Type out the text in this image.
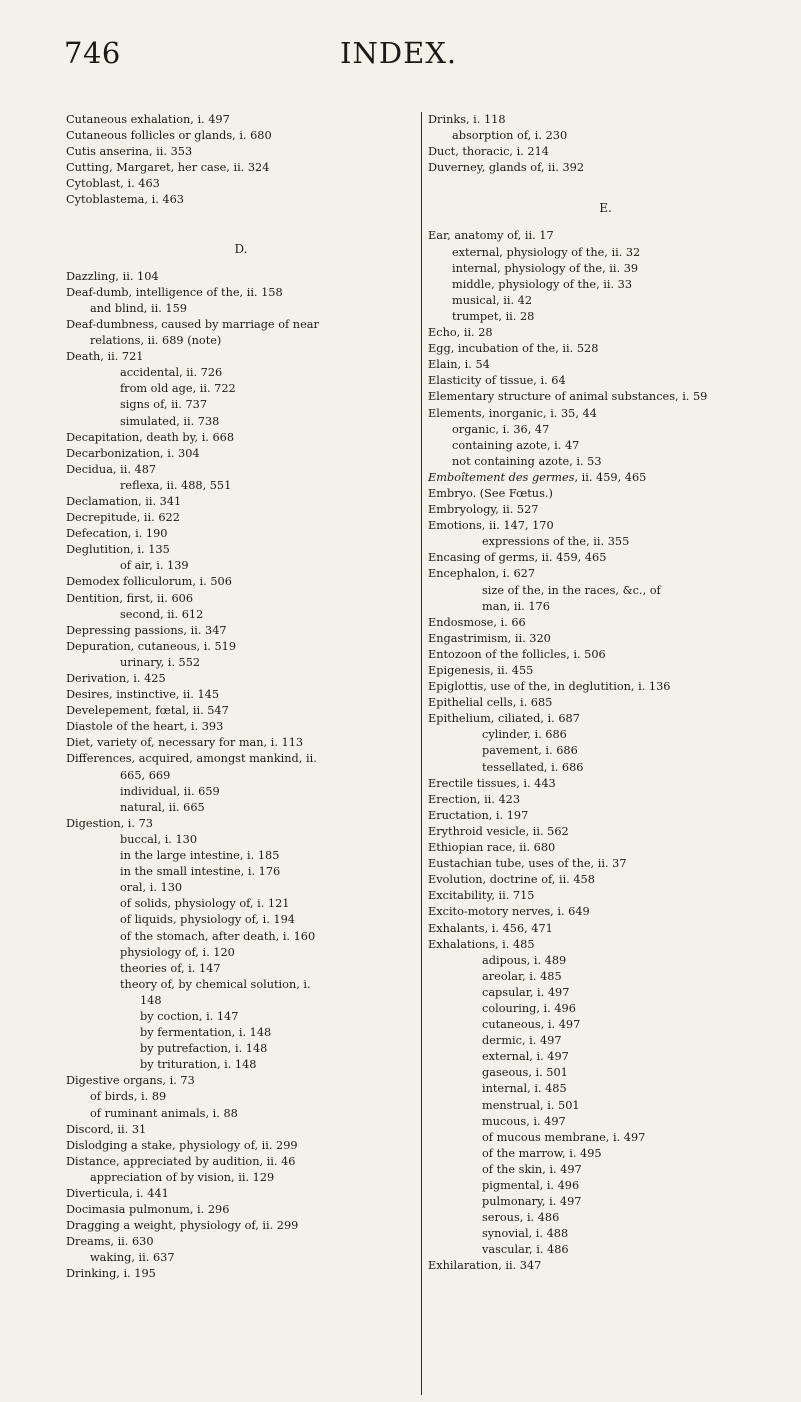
746	INDEX.
Cutaneous exhalation, i. 497
Cutaneous follicles or glands, i. 680
Cutis anserina, ii. 353
Cutting, Margaret, her case, ii. 324
Cytoblast, i. 463
Cytoblastema, i. 463
D.
Dazzling, ii. 104
Deaf-dumb, intelligence of the, ii. 158
and blind, ii. 159
Deaf-dumbness, caused by marriage of near
relations, ii. 689 (note)
Death, ii. 721
accidental, ii. 726
from old age, ii. 722
signs of, ii. 737
simulated, ii. 738
Decapitation, death by, i. 668
Decarbonization, i. 304
Decidua, ii. 487
reflexa, ii. 488, 551
Declamation, ii. 341
Decrepitude, ii. 622
Defecation, i. 190
Deglutition, i. 135
of air, i. 139
Demodex folliculorum, i. 506
Dentition, first, ii. 606
second, ii. 612
Depressing passions, ii. 347
Depuration, cutaneous, i. 519
urinary, i. 552
Derivation, i. 425
Desires, instinctive, ii. 145
Develepement, fœtal, ii. 547
Diastole of the heart, i. 393
Diet, variety of, necessary for man, i. 113
Differences, acquired, amongst mankind, ii.
665, 669
individual, ii. 659
natural, ii. 665
Digestion, i. 73
buccal, i. 130
in the large intestine, i. 185
in the small intestine, i. 176
oral, i. 130
of solids, physiology of, i. 121
of liquids, physiology of, i. 194
of the stomach, after death, i. 160
physiology of, i. 120
theories of, i. 147
theory of, by chemical solution, i.
148
by coction, i. 147
by fermentation, i. 148
by putrefaction, i. 148
by trituration, i. 148
Digestive organs, i. 73
of birds, i. 89
of ruminant animals, i. 88
Discord, ii. 31
Dislodging a stake, physiology of, ii. 299
Distance, appreciated by audition, ii. 46
appreciation of by vision, ii. 129
Diverticula, i. 441
Docimasia pulmonum, i. 296
Dragging a weight, physiology of, ii. 299
Dreams, ii. 630
waking, ii. 637
Drinking, i. 195
Drinks, i. 118
absorption of, i. 230
Duct, thoracic, i. 214
Duverney, glands of, ii. 392
E.
Ear, anatomy of, ii. 17
external, physiology of the, ii. 32
internal, physiology of the, ii. 39
middle, physiology of the, ii. 33
musical, ii. 42
trumpet, ii. 28
Echo, ii. 28
Egg, incubation of the, ii. 528
Elain, i. 54
Elasticity of tissue, i. 64
Elementary structure of animal substances, i. 59
Elements, inorganic, i. 35, 44
organic, i. 36, 47
containing azote, i. 47
not containing azote, i. 53
Emboîtement des germes, ii. 459, 465
Embryo. (See Fœtus.)
Embryology, ii. 527
Emotions, ii. 147, 170
expressions of the, ii. 355
Encasing of germs, ii. 459, 465
Encephalon, i. 627
size of the, in the races, &c., of
man, ii. 176
Endosmose, i. 66
Engastrimism, ii. 320
Entozoon of the follicles, i. 506
Epigenesis, ii. 455
Epiglottis, use of the, in deglutition, i. 136
Epithelial cells, i. 685
Epithelium, ciliated, i. 687
cylinder, i. 686
pavement, i. 686
tessellated, i. 686
Erectile tissues, i. 443
Erection, ii. 423
Eructation, i. 197
Erythroid vesicle, ii. 562
Ethiopian race, ii. 680
Eustachian tube, uses of the, ii. 37
Evolution, doctrine of, ii. 458
Excitability, ii. 715
Excito-motory nerves, i. 649
Exhalants, i. 456, 471
Exhalations, i. 485
adipous, i. 489
areolar, i. 485
capsular, i. 497
colouring, i. 496
cutaneous, i. 497
dermic, i. 497
external, i. 497
gaseous, i. 501
internal, i. 485
menstrual, i. 501
mucous, i. 497
of mucous membrane, i. 497
of the marrow, i. 495
of the skin, i. 497
pigmental, i. 496
pulmonary, i. 497
serous, i. 486
synovial, i. 488
vascular, i. 486
Exhilaration, ii. 347
